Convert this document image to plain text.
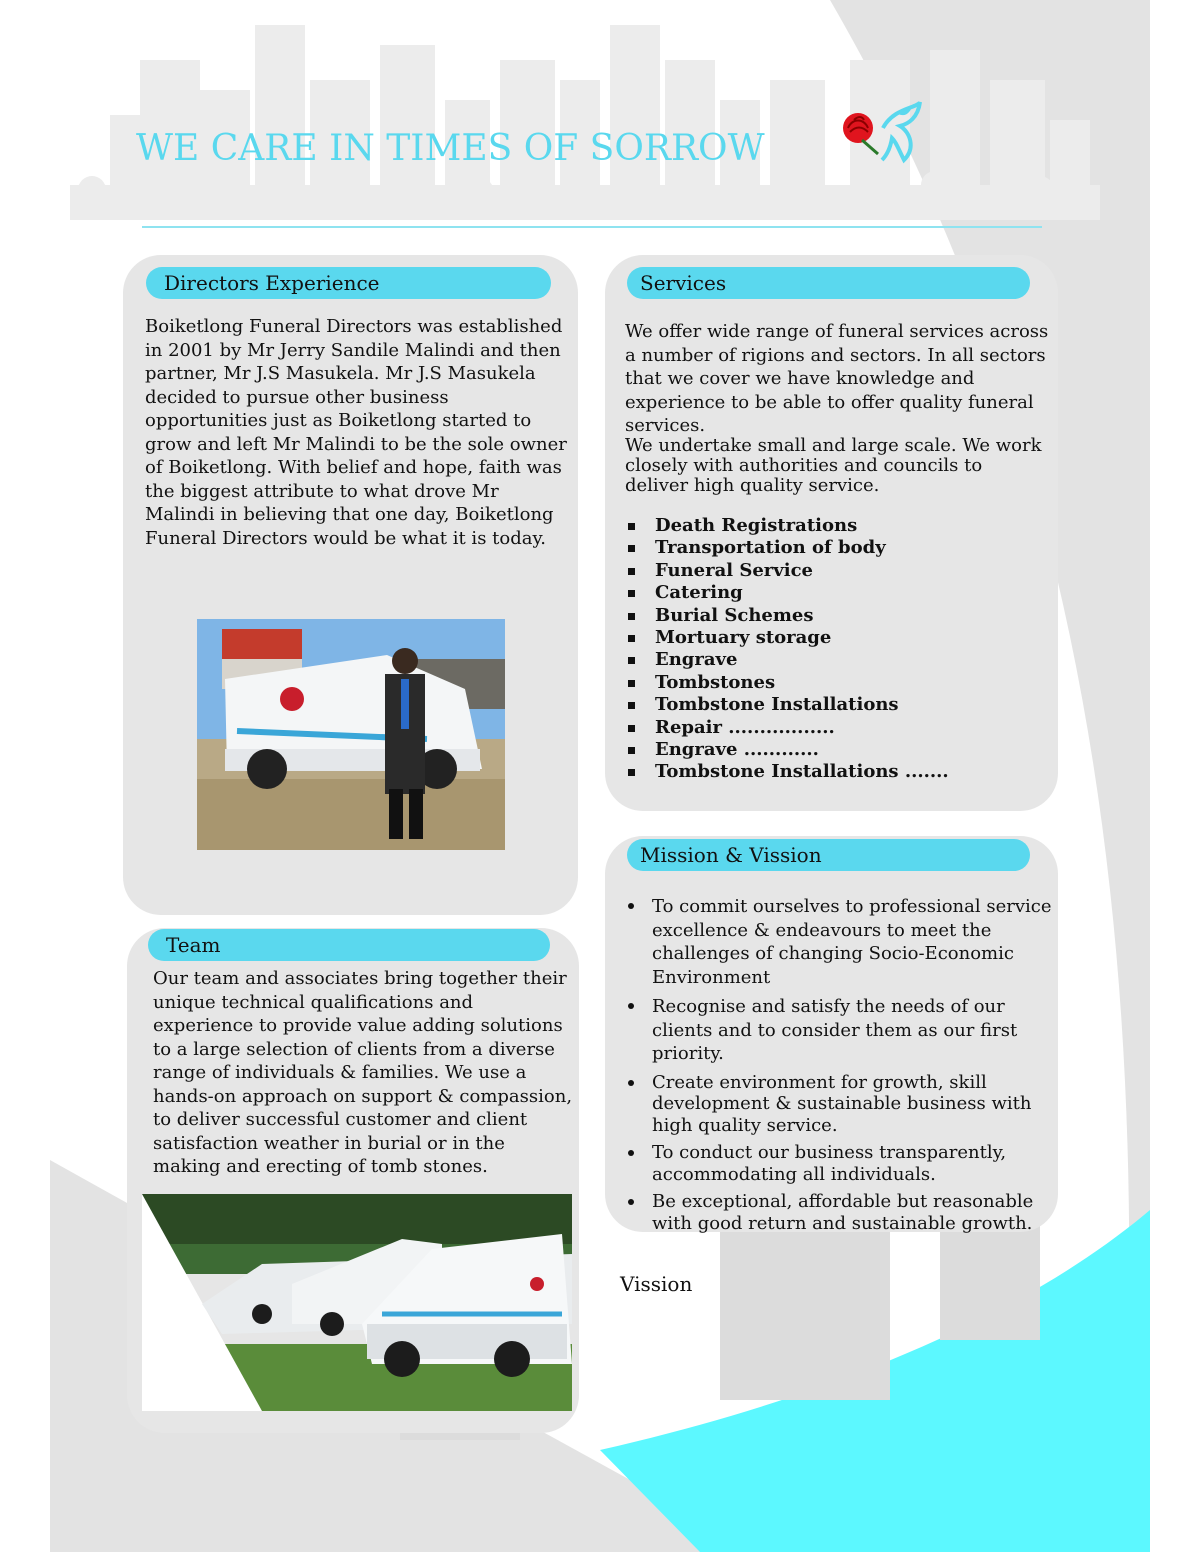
WE CARE IN TIMES OF SORROW
Directors Experience
Boiketlong Funeral Directors was established in 2001 by Mr Jerry Sandile Malindi and then partner, Mr J.S Masukela. Mr J.S Masukela decided to pursue other business opportunities just as Boiketlong started to grow and left Mr Malindi to be the sole owner of Boiketlong. With belief and hope, faith was the biggest attribute to what drove Mr Malindi in believing that one day, Boiketlong Funeral Directors would be what it is today.
Services
We offer wide range of funeral services across a number of rigions and sectors. In all sectors that we cover we have knowledge and experience to be able to offer quality funeral services.
We undertake small and large scale. We work closely with authorities and councils to deliver high quality service.
Death Registrations
Transportation of body
Funeral Service
Catering
Burial Schemes
Mortuary storage
Engrave
Tombstones
Tombstone Installations
Repair .................
Engrave ............
Tombstone Installations .......
Mission & Vission
To commit ourselves to professional service excellence & endeavours to meet the challenges of changing Socio-Economic Environment
Recognise and satisfy the needs of our clients and to consider them as our first priority.
Create environment for growth, skill development & sustainable business with high quality service.
To conduct our business transparently, accommodating all individuals.
Be exceptional, affordable but reasonable with good return and sustainable growth.
Vission
Team
Our team and associates bring together their unique technical qualifications and experience to provide value adding solutions to a large selection of clients from a diverse range of individuals & families. We use a hands-on approach on support & compassion, to deliver successful customer and client satisfaction weather in burial or in the making and erecting of tomb stones.
